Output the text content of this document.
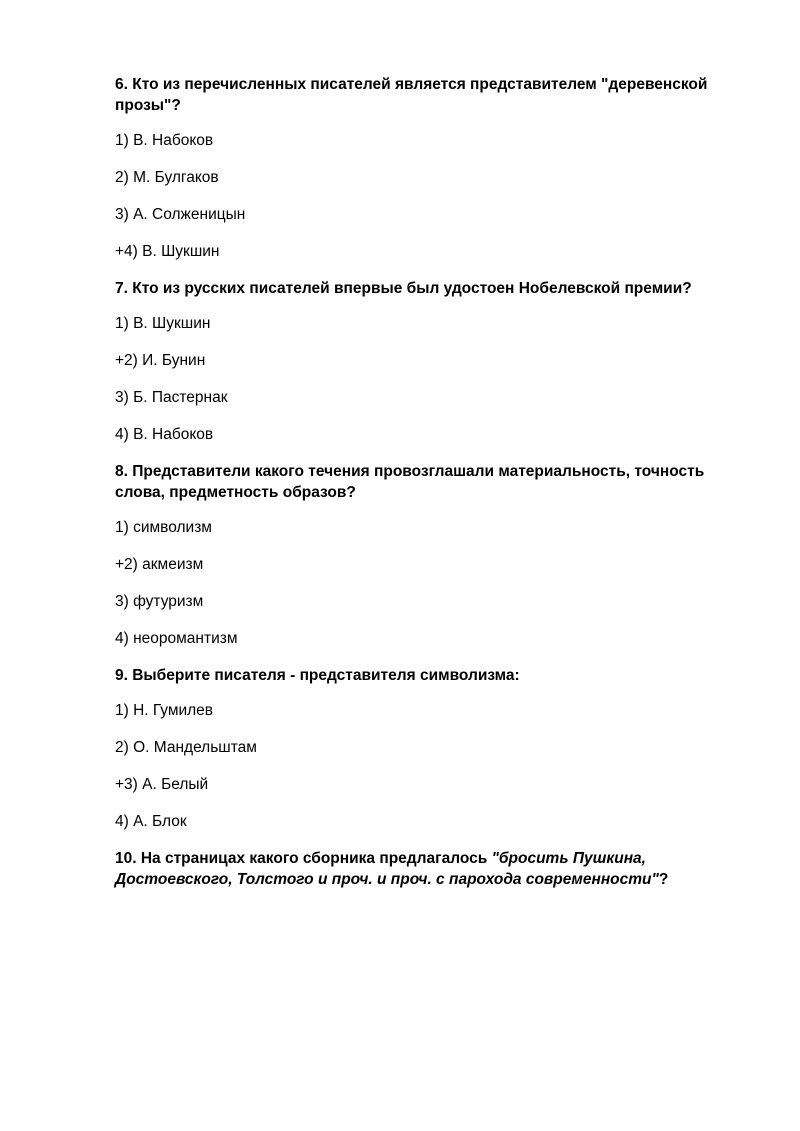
6. Кто из перечисленных писателей является представителем "деревенской прозы"?

1) В. Набоков

2) М. Булгаков

3) А. Солженицын

+4) В. Шукшин

7. Кто из русских писателей впервые был удостоен Нобелевской премии?

1) В. Шукшин

+2) И. Бунин

3) Б. Пастернак

4) В. Набоков

8. Представители какого течения провозглашали материальность, точность слова, предметность образов?

1) символизм

+2) акмеизм

3) футуризм

4) неоромантизм

9. Выберите писателя - представителя символизма:

1) Н. Гумилев

2) О. Мандельштам

+3) А. Белый

4) А. Блок

10. На страницах какого сборника предлагалось "бросить Пушкина, Достоевского, Толстого и проч. и проч. с парохода современности"?
